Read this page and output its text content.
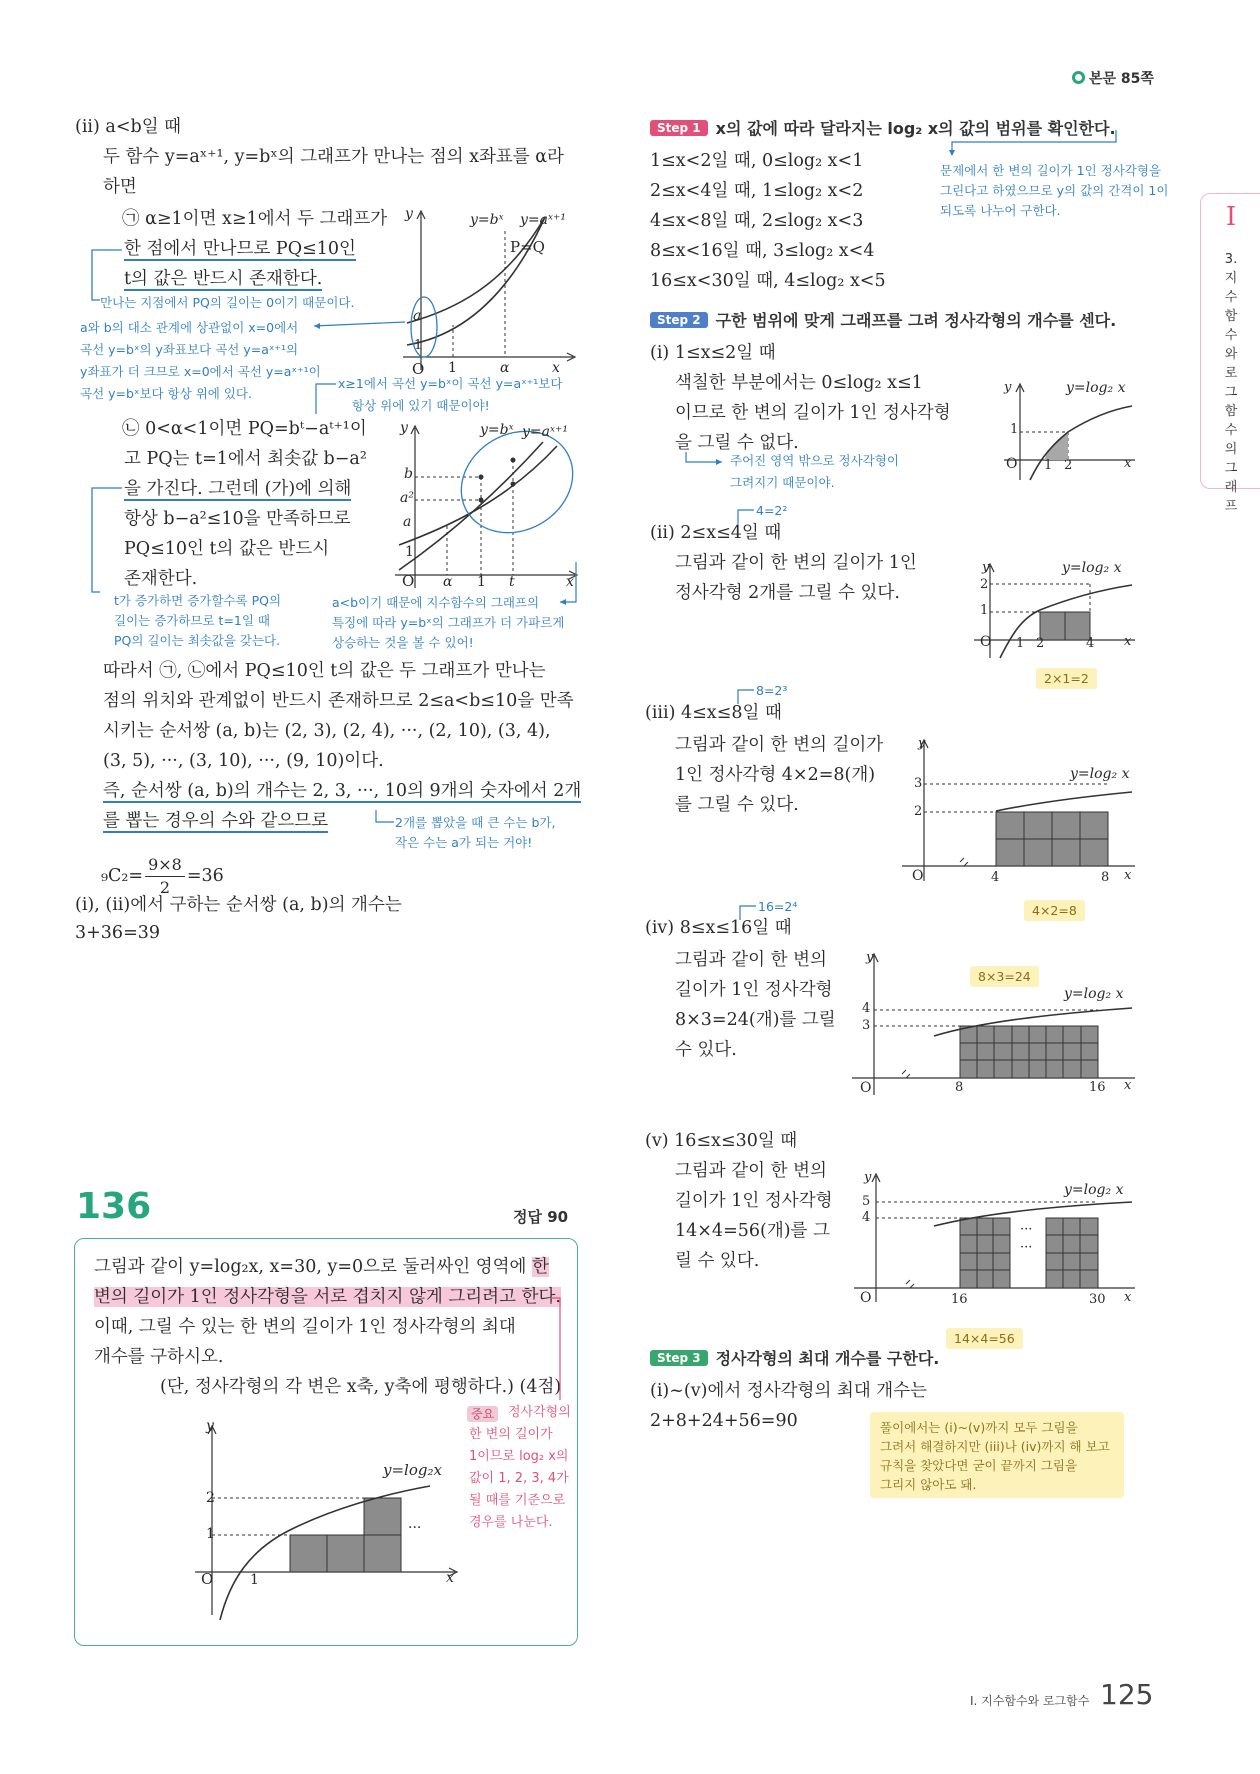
본문 85쪽
Ⅰ
3.지수함수와로그함수의그래프
(ii) a<b일 때
두 함수 y=aˣ⁺¹, y=bˣ의 그래프가 만나는 점의 x좌표를 α라
하면
㉠ α≥1이면 x≥1에서 두 그래프가
한 점에서 만나므로 PQ≤10인
t의 값은 반드시 존재한다.
만나는 지점에서 PQ의 길이는 0이기 때문이다.
a와 b의 대소 관계에 상관없이 x=0에서
곡선 y=bˣ의 y좌표보다 곡선 y=aˣ⁺¹의
y좌표가 더 크므로 x=0에서 곡선 y=aˣ⁺¹이
곡선 y=bˣ보다 항상 위에 있다.
y	y=bˣ y=aˣ⁺¹
P=Q
a
1
O 1	α	x
x≥1에서 곡선 y=bˣ이 곡선 y=aˣ⁺¹보다
항상 위에 있기 때문이야!
㉡ 0<α<1이면 PQ=bᵗ−aᵗ⁺¹이
고 PQ는 t=1에서 최솟값 b−a²
을 가진다. 그런데 (가)에 의해
항상 b−a²≤10을 만족하므로
PQ≤10인 t의 값은 반드시
존재한다.
t가 증가하면 증가할수록 PQ의
길이는 증가하므로 t=1일 때
PQ의 길이는 최솟값을 갖는다.
y	y=bˣ y=aˣ⁺¹
b
a²
a
1
O α 1 t	x
a<b이기 때문에 지수함수의 그래프의
특징에 따라 y=bˣ의 그래프가 더 가파르게
상승하는 것을 볼 수 있어!
따라서 ㉠, ㉡에서 PQ≤10인 t의 값은 두 그래프가 만나는
점의 위치와 관계없이 반드시 존재하므로 2≤a<b≤10을 만족
시키는 순서쌍 (a, b)는 (2, 3), (2, 4), ···, (2, 10), (3, 4),
(3, 5), ···, (3, 10), ···, (9, 10)이다.
즉, 순서쌍 (a, b)의 개수는 2, 3, ···, 10의 9개의 숫자에서 2개
를 뽑는 경우의 수와 같으므로	2개를 뽑았을 때 큰 수는 b가,
작은 수는 a가 되는 거야!
$_9C_2= \frac{9\times 8}{2} =36$
(i), (ii)에서 구하는 순서쌍 (a, b)의 개수는
3+36=39
136	정답 90
그림과 같이 y=log₂x, x=30, y=0으로 둘러싸인 영역에 한
변의 길이가 1인 정사각형을 서로 겹치지 않게 그리려고 한다.
이때, 그릴 수 있는 한 변의 길이가 1인 정사각형의 최대
개수를 구하시오.
(단, 정사각형의 각 변은 x축, y축에 평행하다.) (4점)
중요	정사각형의
한 변의 길이가
1이므로 log₂ x의
값이 1, 2, 3, 4가
될 때를 기준으로
경우를 나눈다.
y
2
1
O	1	x
y=log₂x
···
Step 1 x의 값에 따라 달라지는 log₂ x의 값의 범위를 확인한다.
문제에서 한 변의 길이가 1인 정사각형을
그린다고 하였으므로 y의 값의 간격이 1이
되도록 나누어 구한다.
1≤x<2일 때, 0≤log₂ x<1
2≤x<4일 때, 1≤log₂ x<2
4≤x<8일 때, 2≤log₂ x<3
8≤x<16일 때, 3≤log₂ x<4
16≤x<30일 때, 4≤log₂ x<5
Step 2 구한 범위에 맞게 그래프를 그려 정사각형의 개수를 센다.
(i) 1≤x≤2일 때
색칠한 부분에서는 0≤log₂ x≤1
이므로 한 변의 길이가 1인 정사각형
을 그릴 수 없다.
주어진 영역 밖으로 정사각형이
그려지기 때문이야.
y	y=log₂ x
1
O 1 2	x
4=2²
(ii) 2≤x≤4일 때
그림과 같이 한 변의 길이가 1인
정사각형 2개를 그릴 수 있다.
y	y=log₂ x
2
1
O 1 2	4 x
2×1=2
8=2³
(iii) 4≤x≤8일 때
그림과 같이 한 변의 길이가
1인 정사각형 4×2=8(개)
를 그릴 수 있다.
y
y=log₂ x
3
2
O	4	8 x
4×2=8
16=2⁴
(iv) 8≤x≤16일 때
그림과 같이 한 변의
길이가 1인 정사각형
8×3=24(개)를 그릴
수 있다.
8×3=24
y
y=log₂ x
4
3
O	8	16 x
(v) 16≤x≤30일 때
그림과 같이 한 변의
길이가 1인 정사각형
14×4=56(개)를 그
릴 수 있다.
y
y=log₂ x
5
4
···
···
O	16	30 x
14×4=56
Step 3 정사각형의 최대 개수를 구한다.
(i)~(v)에서 정사각형의 최대 개수는
2+8+24+56=90	풀이에서는 (i)~(v)까지 모두 그림을
그려서 해결하지만 (iii)나 (iv)까지 해 보고
규칙을 찾았다면 굳이 끝까지 그림을
그리지 않아도 돼.
Ⅰ. 지수함수와 로그함수 125
